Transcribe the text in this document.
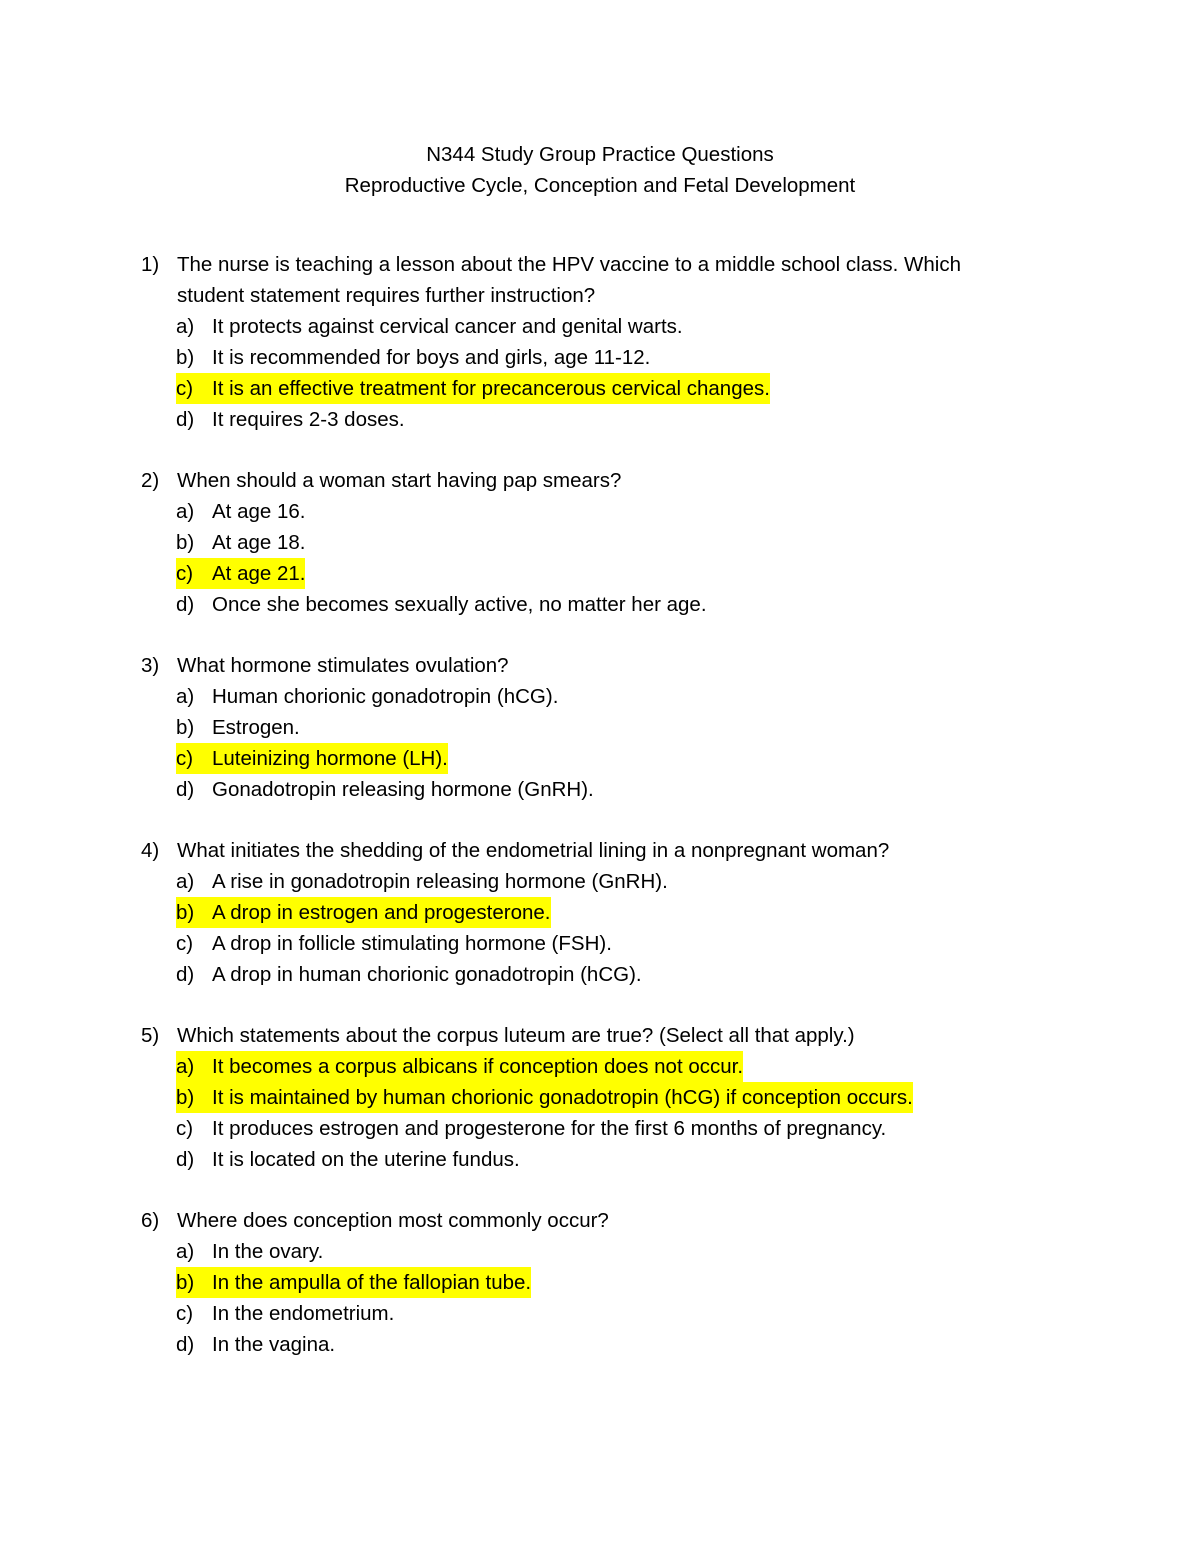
N344 Study Group Practice Questions
Reproductive Cycle, Conception and Fetal Development
1) The nurse is teaching a lesson about the HPV vaccine to a middle school class. Which student statement requires further instruction?
a) It protects against cervical cancer and genital warts.
b) It is recommended for boys and girls, age 11-12.
c) It is an effective treatment for precancerous cervical changes.
d) It requires 2-3 doses.
2) When should a woman start having pap smears?
a) At age 16.
b) At age 18.
c) At age 21.
d) Once she becomes sexually active, no matter her age.
3) What hormone stimulates ovulation?
a) Human chorionic gonadotropin (hCG).
b) Estrogen.
c) Luteinizing hormone (LH).
d) Gonadotropin releasing hormone (GnRH).
4) What initiates the shedding of the endometrial lining in a nonpregnant woman?
a) A rise in gonadotropin releasing hormone (GnRH).
b) A drop in estrogen and progesterone.
c) A drop in follicle stimulating hormone (FSH).
d) A drop in human chorionic gonadotropin (hCG).
5) Which statements about the corpus luteum are true? (Select all that apply.)
a) It becomes a corpus albicans if conception does not occur.
b) It is maintained by human chorionic gonadotropin (hCG) if conception occurs.
c) It produces estrogen and progesterone for the first 6 months of pregnancy.
d) It is located on the uterine fundus.
6) Where does conception most commonly occur?
a) In the ovary.
b) In the ampulla of the fallopian tube.
c) In the endometrium.
d) In the vagina.
